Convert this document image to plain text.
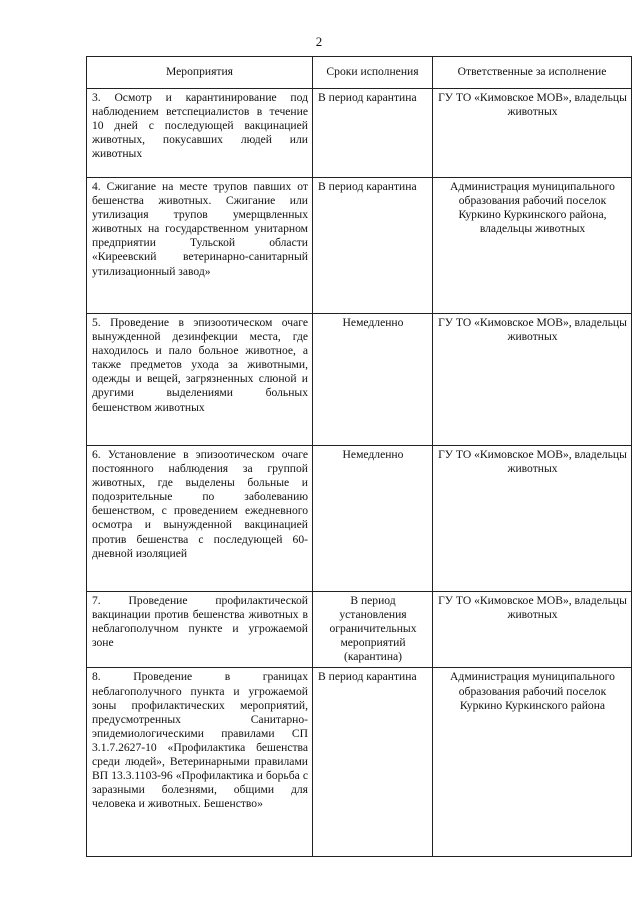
2
Мероприятия	Сроки исполнения	Ответственные за исполнение
3. Осмотр и карантинирование под наблюдением ветспециалистов в течение 10 дней с последующей вакцинацией животных, покусавших людей или животных	В период карантина	ГУ ТО «Кимовское МОВ», владельцы животных
4. Сжигание на месте трупов павших от бешенства животных. Сжигание или утилизация трупов умерщвленных животных на государственном унитарном предприятии Тульской области «Киреевский ветеринарно-санитарный утилизационный завод»	В период карантина	Администрация муниципального образования рабочий поселок Куркино Куркинского района, владельцы животных
5. Проведение в эпизоотическом очаге вынужденной дезинфекции места, где находилось и пало больное животное, а также предметов ухода за животными, одежды и вещей, загрязненных слюной и другими выделениями больных бешенством животных	Немедленно	ГУ ТО «Кимовское МОВ», владельцы животных
6. Установление в эпизоотическом очаге постоянного наблюдения за группой животных, где выделены больные и подозрительные по заболеванию бешенством, с проведением ежедневного осмотра и вынужденной вакцинацией против бешенства с последующей 60-дневной изоляцией	Немедленно	ГУ ТО «Кимовское МОВ», владельцы животных
7. Проведение профилактической вакцинации против бешенства животных в неблагополучном пункте и угрожаемой зоне	В период установления ограничительных мероприятий (карантина)	ГУ ТО «Кимовское МОВ», владельцы животных
8. Проведение в границах неблагополучного пункта и угрожаемой зоны профилактических мероприятий, предусмотренных Санитарно-эпидемиологическими правилами СП 3.1.7.2627-10 «Профилактика бешенства среди людей», Ветеринарными правилами ВП 13.3.1103-96 «Профилактика и борьба с заразными болезнями, общими для человека и животных. Бешенство»	В период карантина	Администрация муниципального образования рабочий поселок Куркино Куркинского района
